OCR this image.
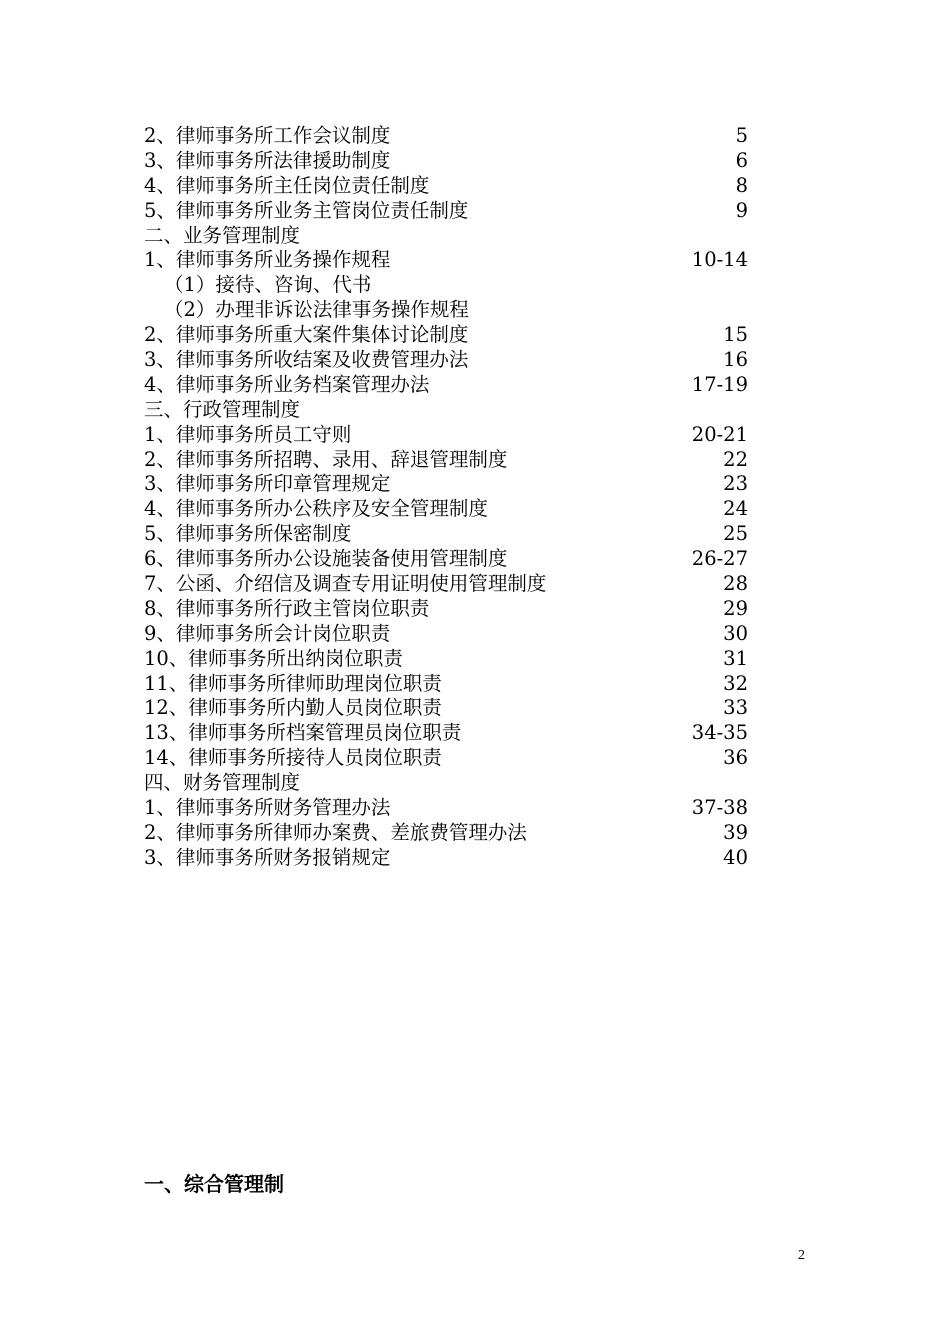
2、律师事务所工作会议制度	5
3、律师事务所法律援助制度	6
4、律师事务所主任岗位责任制度	8
5、律师事务所业务主管岗位责任制度	9
二、业务管理制度
1、律师事务所业务操作规程	10-14
（1）接待、咨询、代书
（2）办理非诉讼法律事务操作规程
2、律师事务所重大案件集体讨论制度	15
3、律师事务所收结案及收费管理办法	16
4、律师事务所业务档案管理办法	17-19
三、行政管理制度
1、律师事务所员工守则	20-21
2、律师事务所招聘、录用、辞退管理制度	22
3、律师事务所印章管理规定	23
4、律师事务所办公秩序及安全管理制度	24
5、律师事务所保密制度	25
6、律师事务所办公设施装备使用管理制度	26-27
7、公函、介绍信及调查专用证明使用管理制度	28
8、律师事务所行政主管岗位职责	29
9、律师事务所会计岗位职责	30
10、律师事务所出纳岗位职责	31
11、律师事务所律师助理岗位职责	32
12、律师事务所内勤人员岗位职责	33
13、律师事务所档案管理员岗位职责	34-35
14、律师事务所接待人员岗位职责	36
四、财务管理制度
1、律师事务所财务管理办法	37-38
2、律师事务所律师办案费、差旅费管理办法	39
3、律师事务所财务报销规定	40
一、综合管理制
2
